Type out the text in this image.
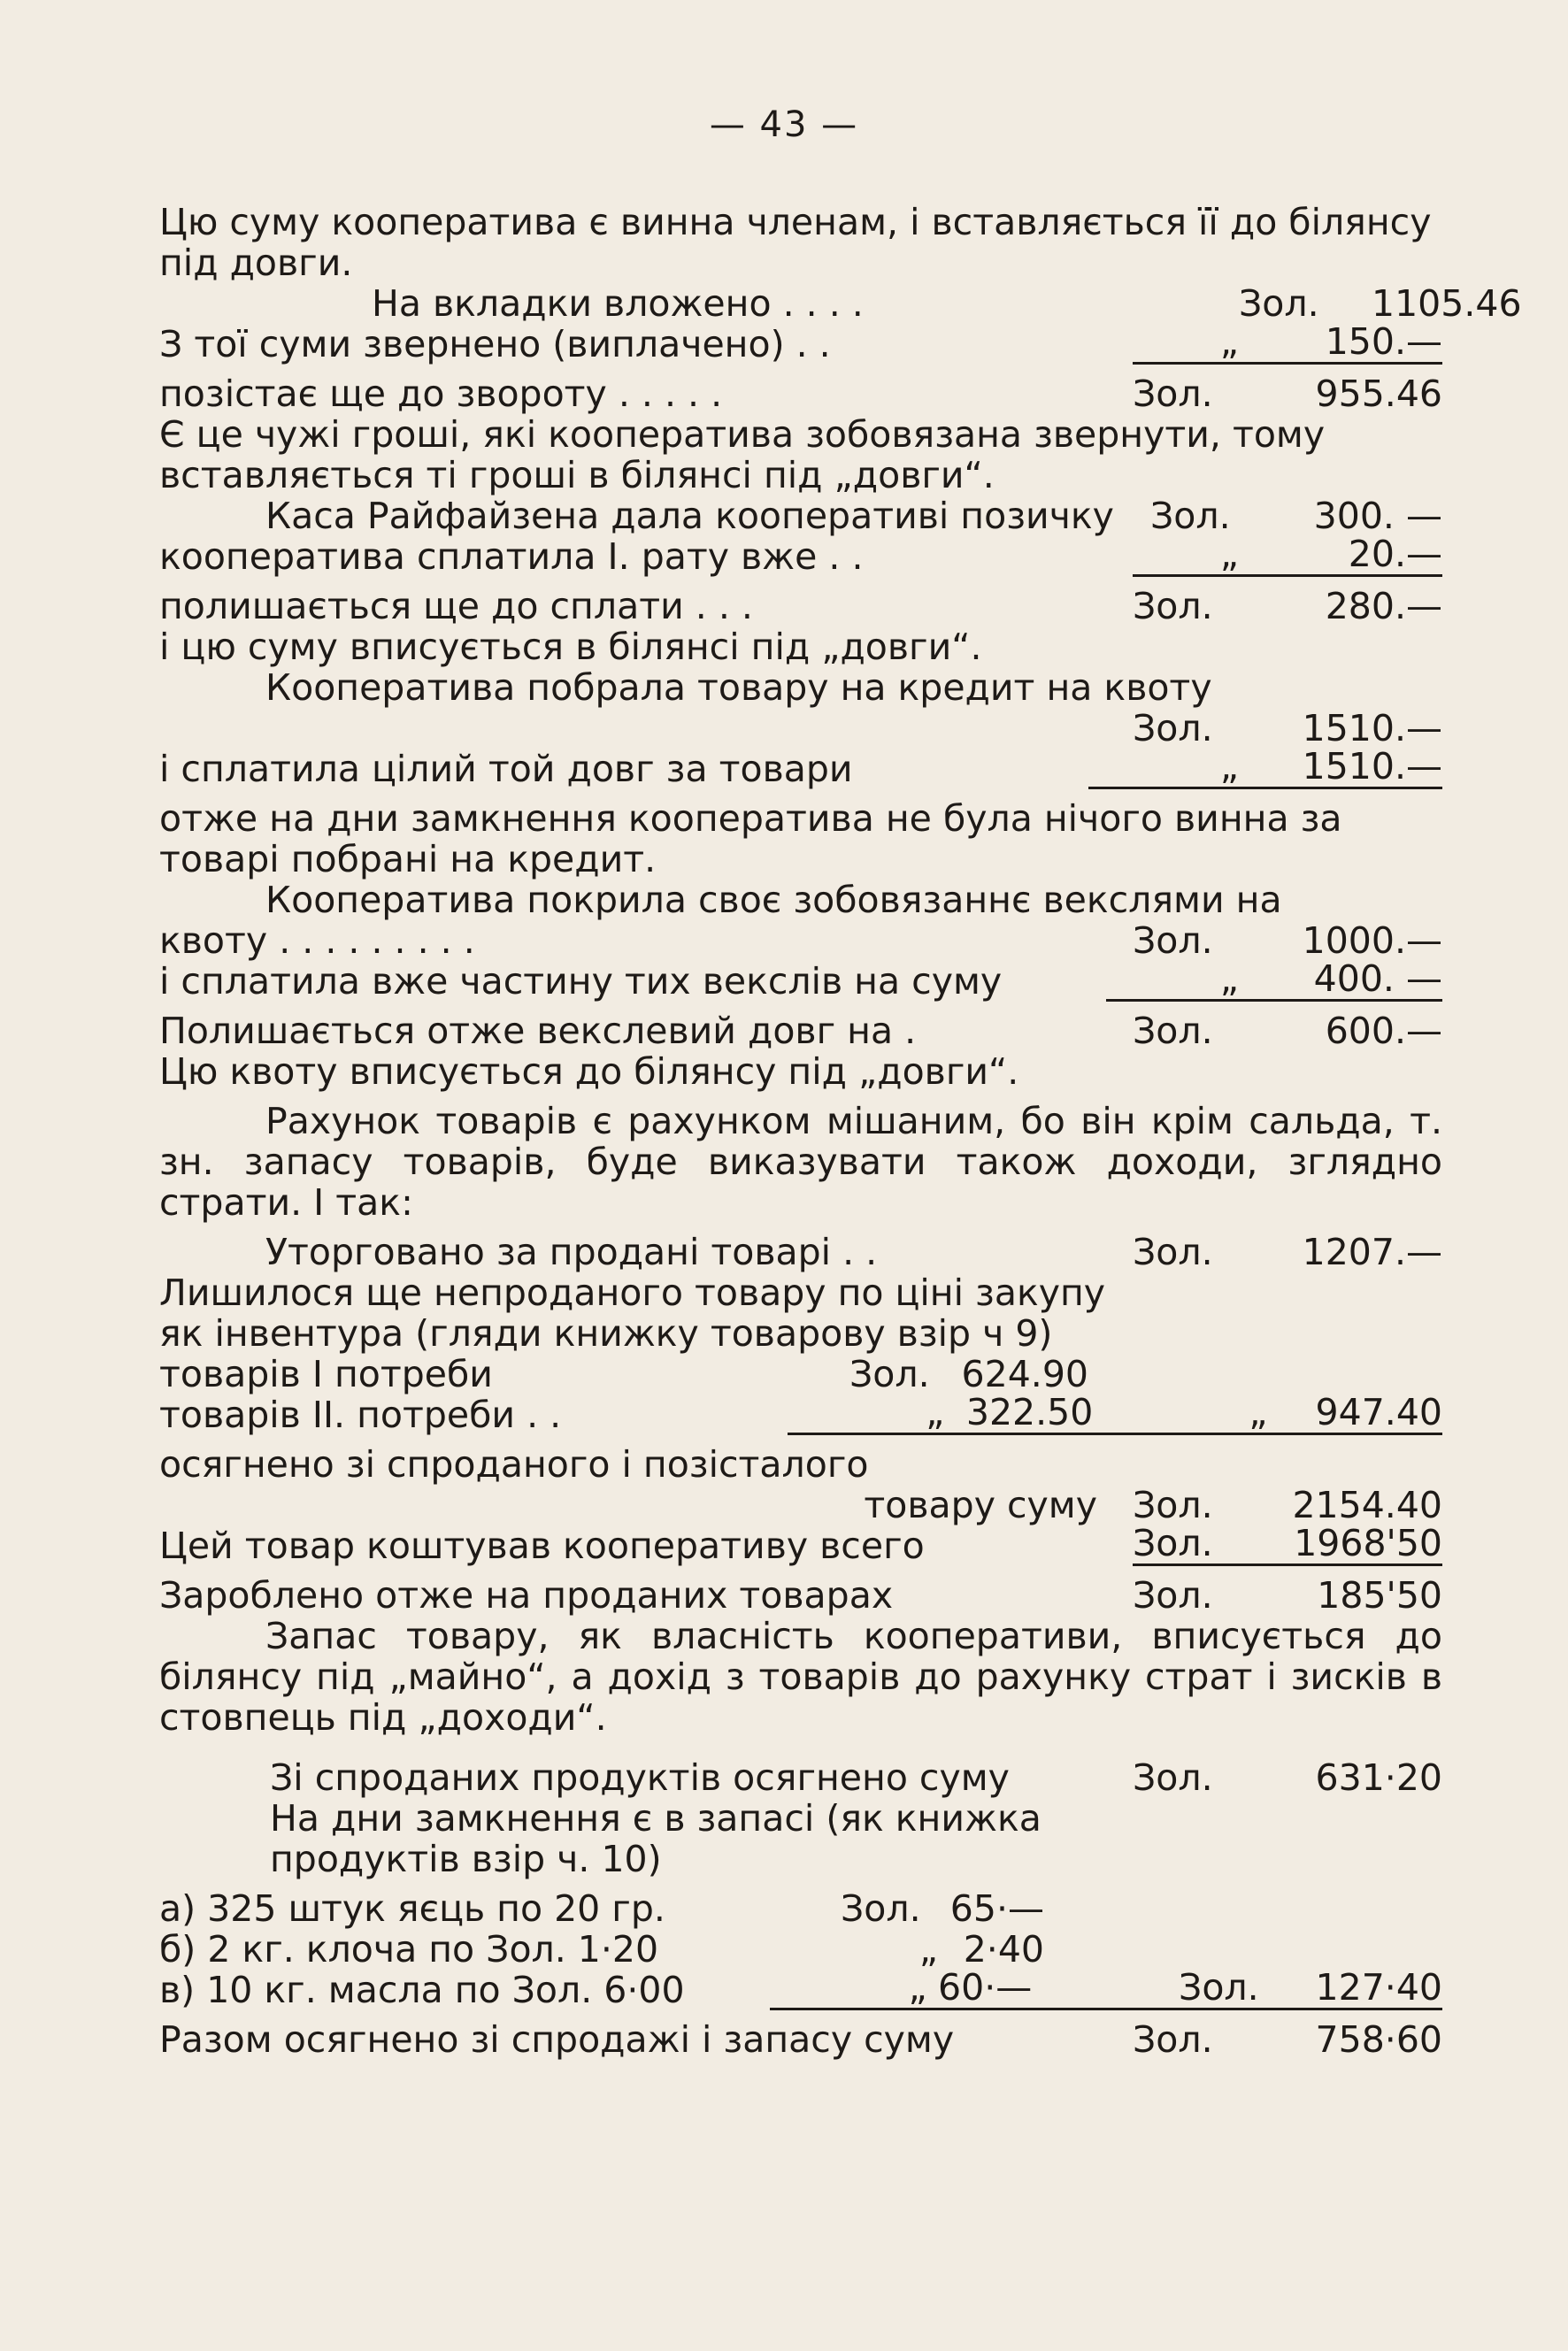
— 43 —

Цю суму кооператива є винна членам, і вставляється її до білянсу під довги.

На вкладки вложено . . . .	Зол.	1105.46
З тої суми звернено (виплачено) . .	„	150.—
позістає ще до звороту . . . . .	Зол.	955.46

Є це чужі гроші, які кооператива зобовязана звернути, тому вставляється ті гроші в білянсі під „довги“.

Каса Райфайзена дала кооперативі позичку	Зол.	300. —
кооператива сплатила I. рату вже . .	„	20.—
полишається ще до сплати . . .	Зол.	280.—

і цю суму вписується в білянсі під „довги“.

Кооператива побрала товару на кредит на квоту

Зол.	1510.—
і сплатила цілий той довг за товари	„	1510.—

отже на дни замкнення кооператива не була нічого винна за товарі побрані на кредит.

Кооператива покрила своє зобовязаннє векслями на

квоту . . . . . . . . .	Зол.	1000.—
і сплатила вже частину тих векслів на суму	„	400. —
Полишається отже векслевий довг на .	Зол.	600.—

Цю квоту вписується до білянсу під „довги“.

Рахунок товарів є рахунком мішаним, бо він крім сальда, т. зн. запасу товарів, буде виказувати також доходи, зглядно страти. І так:

Уторговано за продані товарі . .	Зол.	1207.—

Лишилося ще непроданого товару по ціні закупу як інвентура (гляди книжку товарову взір ч 9) товарів І потреби	Зол. 624.90
товарів II. потреби . .	„ 322.50	„	947.40

осягнено зі спроданого і позісталого

товару суму Зол.	2154.40
Цей товар коштував кооперативу всего	Зол.	1968'50
Зароблено отже на проданих товарах	Зол.	185'50

Запас товару, як власність кооперативи, вписується до білянсу під „майно“, а дохід з товарів до рахунку страт і зисків в стовпець під „доходи“.

Зі спроданих продуктів осягнено суму	Зол.	631·20

На дни замкнення є в запасі (як книжка продуктів взір ч. 10)

а) 325 штук яєць по 20 гр.	Зол. 65·—
б) 2 кг. клоча по Зол. 1·20	„ 2·40
в) 10 кг. масла по Зол. 6·00	„ 60·—	Зол.	127·40
Разом осягнено зі спродажі і запасу суму	Зол.	758·60
